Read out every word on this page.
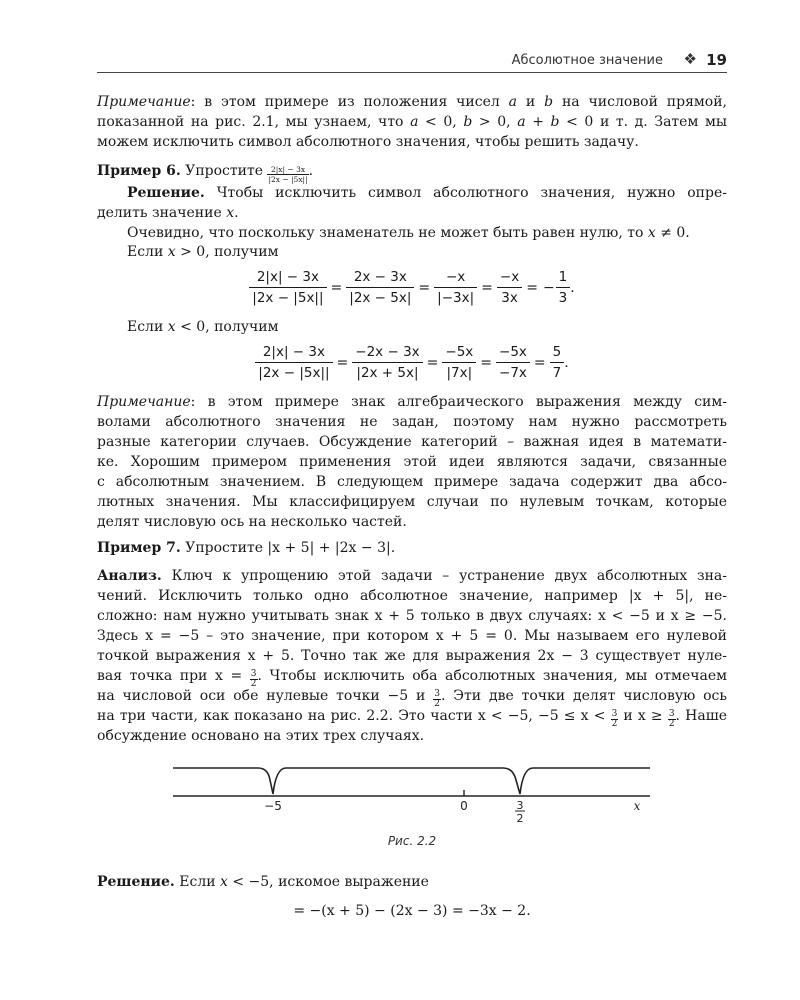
Абсолютное значение ❖ 19
Примечание: в этом примере из положения чисел a и b на числовой прямой,
показанной на рис. 2.1, мы узнаем, что a < 0, b > 0, a + b < 0 и т. д. Затем мы
можем исключить символ абсолютного значения, чтобы решить задачу.
Пример 6. Упростите $\frac{2|x| - 3x}{|2x - |5x||}$ .
Решение. Чтобы исключить символ абсолютного значения, нужно опре-
делить значение x.
Очевидно, что поскольку знаменатель не может быть равен нулю, то x ≠ 0.
Если x > 0, получим
$\frac{2|x| - 3x}{|2x - |5x||} = \frac{2x - 3x}{|2x - 5x|} = \frac{-x}{|-3x|} = \frac{-x}{3x}$ = − $\frac{1}{3}$ .
Если x < 0, получим
$\frac{2|x| - 3x}{|2x - |5x||} = \frac{-2x - 3x}{|2x + 5x|} = \frac{-5x}{|7x|} = \frac{-5x}{-7x} = \frac{5}{7}$ .
Примечание: в этом примере знак алгебраического выражения между сим-
волами абсолютного значения не задан, поэтому нам нужно рассмотреть
разные категории случаев. Обсуждение категорий – важная идея в математи-
ке. Хорошим примером применения этой идеи являются задачи, связанные
с абсолютным значением. В следующем примере задача содержит два абсо-
лютных значения. Мы классифицируем случаи по нулевым точкам, которые
делят числовую ось на несколько частей.
Пример 7. Упростите |x + 5| + |2x − 3|.
Анализ. Ключ к упрощению этой задачи – устранение двух абсолютных зна-
чений. Исключить только одно абсолютное значение, например |x + 5|, не-
сложно: нам нужно учитывать знак x + 5 только в двух случаях: x < −5 и x ≥ −5.
Здесь x = −5 – это значение, при котором x + 5 = 0. Мы называем его нулевой
точкой выражения x + 5. Точно так же для выражения 2x − 3 существует нуле-
вая точка при $x = \frac{3}{2}$ . Чтобы исключить оба абсолютных значения, мы отмечаем
на числовой оси обе нулевые точки −5 и $\frac{3}{2}$ . Эти две точки делят числовую ось
на три части, как показано на рис. 2.2. Это части x < −5, $-5 \le x < \frac{3}{2}$ и $x \ge \frac{3}{2}$ . Наше
обсуждение основано на этих трех случаях.
−5	0	3
2
x
Рис. 2.2
Решение. Если x < −5, искомое выражение
= −(x + 5) − (2x − 3) = −3x − 2.
